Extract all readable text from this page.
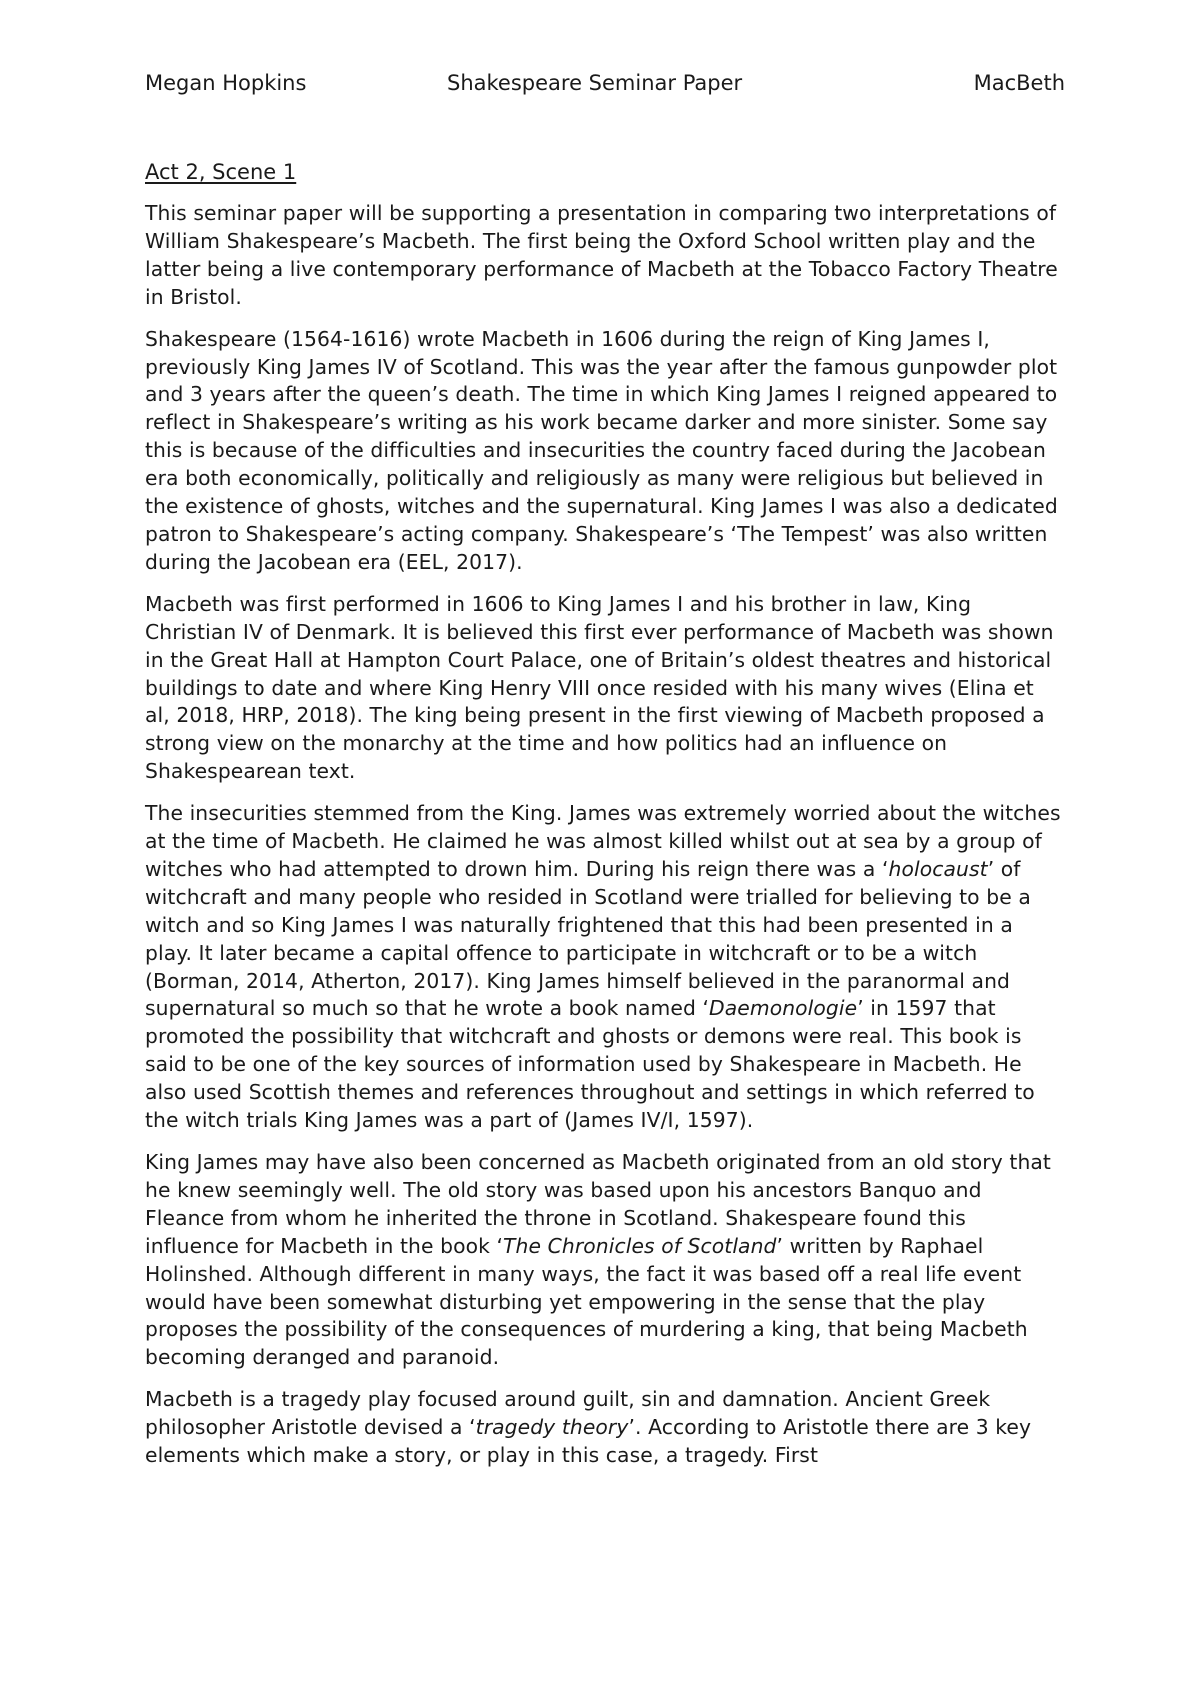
Megan Hopkins	Shakespeare Seminar Paper	MacBeth
Act 2, Scene 1

This seminar paper will be supporting a presentation in comparing two interpretations of William Shakespeare’s Macbeth. The first being the Oxford School written play and the latter being a live contemporary performance of Macbeth at the Tobacco Factory Theatre in Bristol.

Shakespeare (1564-1616) wrote Macbeth in 1606 during the reign of King James I, previously King James IV of Scotland. This was the year after the famous gunpowder plot and 3 years after the queen’s death. The time in which King James I reigned appeared to reflect in Shakespeare’s writing as his work became darker and more sinister. Some say this is because of the difficulties and insecurities the country faced during the Jacobean era both economically, politically and religiously as many were religious but believed in the existence of ghosts, witches and the supernatural. King James I was also a dedicated patron to Shakespeare’s acting company. Shakespeare’s ‘The Tempest’ was also written during the Jacobean era (EEL, 2017).

Macbeth was first performed in 1606 to King James I and his brother in law, King Christian IV of Denmark. It is believed this first ever performance of Macbeth was shown in the Great Hall at Hampton Court Palace, one of Britain’s oldest theatres and historical buildings to date and where King Henry VIII once resided with his many wives (Elina et al, 2018, HRP, 2018). The king being present in the first viewing of Macbeth proposed a strong view on the monarchy at the time and how politics had an influence on Shakespearean text.

The insecurities stemmed from the King. James was extremely worried about the witches at the time of Macbeth. He claimed he was almost killed whilst out at sea by a group of witches who had attempted to drown him. During his reign there was a ‘holocaust’ of witchcraft and many people who resided in Scotland were trialled for believing to be a witch and so King James I was naturally frightened that this had been presented in a play. It later became a capital offence to participate in witchcraft or to be a witch (Borman, 2014, Atherton, 2017). King James himself believed in the paranormal and supernatural so much so that he wrote a book named ‘Daemonologie’ in 1597 that promoted the possibility that witchcraft and ghosts or demons were real. This book is said to be one of the key sources of information used by Shakespeare in Macbeth. He also used Scottish themes and references throughout and settings in which referred to the witch trials King James was a part of (James IV/I, 1597).

King James may have also been concerned as Macbeth originated from an old story that he knew seemingly well. The old story was based upon his ancestors Banquo and Fleance from whom he inherited the throne in Scotland. Shakespeare found this influence for Macbeth in the book ‘The Chronicles of Scotland’ written by Raphael Holinshed. Although different in many ways, the fact it was based off a real life event would have been somewhat disturbing yet empowering in the sense that the play proposes the possibility of the consequences of murdering a king, that being Macbeth becoming deranged and paranoid.

Macbeth is a tragedy play focused around guilt, sin and damnation. Ancient Greek philosopher Aristotle devised a ‘tragedy theory’. According to Aristotle there are 3 key elements which make a story, or play in this case, a tragedy. First
